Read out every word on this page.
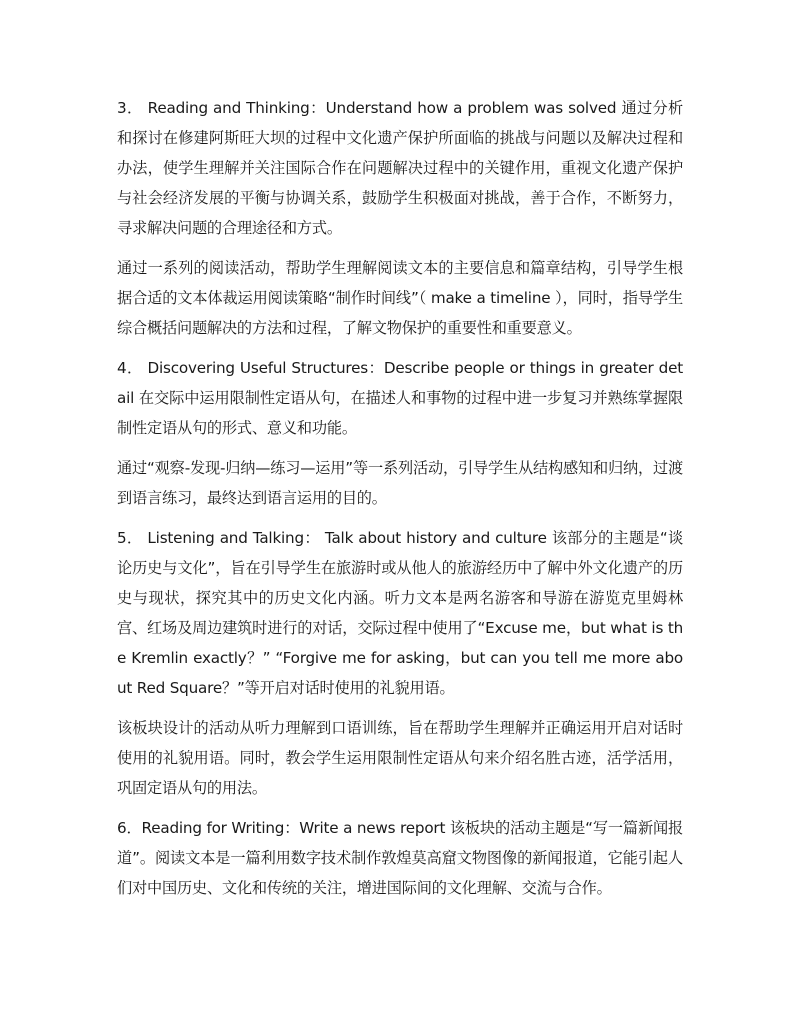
3． Reading and Thinking：Understand how a problem was solved 通过分析和探讨在修建阿斯旺大坝的过程中文化遗产保护所面临的挑战与问题以及解决过程和办法，使学生理解并关注国际合作在问题解决过程中的关键作用，重视文化遗产保护与社会经济发展的平衡与协调关系，鼓励学生积极面对挑战，善于合作，不断努力，寻求解决问题的合理途径和方式。

通过一系列的阅读活动，帮助学生理解阅读文本的主要信息和篇章结构，引导学生根据合适的文本体裁运用阅读策略“制作时间线”（ make a timeline ），同时，指导学生综合概括问题解决的方法和过程，了解文物保护的重要性和重要意义。

4． Discovering Useful Structures：Describe people or things in greater detail 在交际中运用限制性定语从句，在描述人和事物的过程中进一步复习并熟练掌握限制性定语从句的形式、意义和功能。

通过“观察-发现-归纳—练习—运用”等一系列活动，引导学生从结构感知和归纳，过渡到语言练习，最终达到语言运用的目的。

5． Listening and Talking： Talk about history and culture 该部分的主题是“谈论历史与文化”，旨在引导学生在旅游时或从他人的旅游经历中了解中外文化遗产的历史与现状，探究其中的历史文化内涵。听力文本是两名游客和导游在游览克里姆林宫、红场及周边建筑时进行的对话，交际过程中使用了“Excuse me，but what is the Kremlin exactly？” “Forgive me for asking，but can you tell me more about Red Square？”等开启对话时使用的礼貌用语。

该板块设计的活动从听力理解到口语训练，旨在帮助学生理解并正确运用开启对话时使用的礼貌用语。同时，教会学生运用限制性定语从句来介绍名胜古迹，活学活用，巩固定语从句的用法。

6．Reading for Writing：Write a news report 该板块的活动主题是“写一篇新闻报道”。阅读文本是一篇利用数字技术制作敦煌莫高窟文物图像的新闻报道，它能引起人们对中国历史、文化和传统的关注，增进国际间的文化理解、交流与合作。
